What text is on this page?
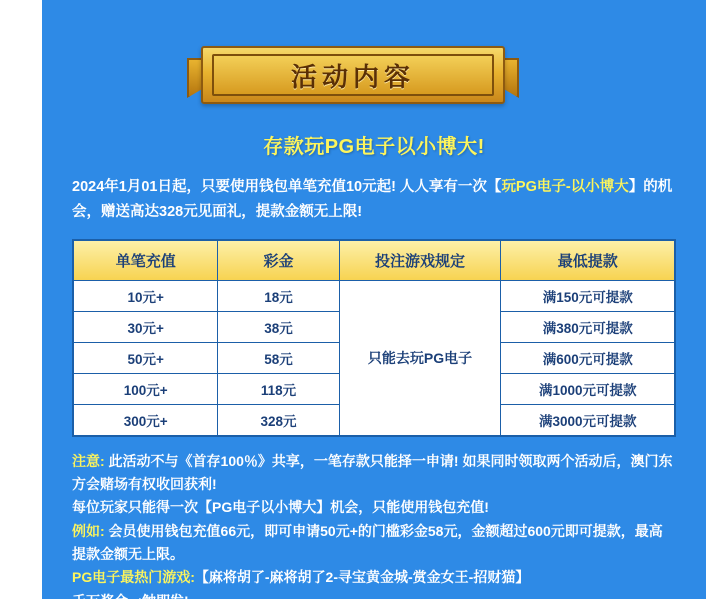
活动内容
存款玩PG电子以小博大!
2024年1月01日起，只要使用钱包单笔充值10元起! 人人享有一次【玩PG电子-以小博大】的机会，赠送高达328元见面礼，提款金额无上限!
单笔充值	彩金	投注游戏规定	最低提款
10元+	18元	只能去玩PG电子	满150元可提款
30元+	38元		满380元可提款
50元+	58元		满600元可提款
100元+	118元		满1000元可提款
300元+	328元		满3000元可提款

注意: 此活动不与《首存100％》共享，一笔存款只能择一申请! 如果同时领取两个活动后，澳门东方会赌场有权收回获利!

每位玩家只能得一次【PG电子以小博大】机会，只能使用钱包充值!

例如: 会员使用钱包充值66元，即可申请50元+的门槛彩金58元，金额超过600元即可提款，最高提款金额无上限。

PG电子最热门游戏:【麻将胡了-麻将胡了2-寻宝黄金城-赏金女王-招财猫】

千万奖金一触即发!
